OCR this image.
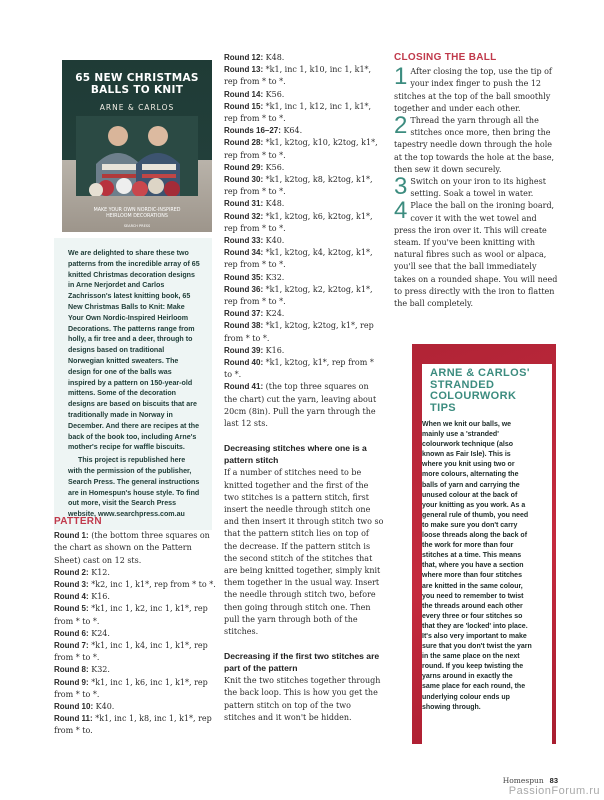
65 NEW CHRISTMAS
BALLS TO KNIT
ARNE & CARLOS
MAKE YOUR OWN NORDIC-INSPIRED
HEIRLOOM DECORATIONS
SEARCH PRESS

We are delighted to share these two patterns from the incredible array of 65 knitted Christmas decoration designs in Arne Nerjordet and Carlos Zachrisson's latest knitting book, 65 New Christmas Balls to Knit: Make Your Own Nordic-Inspired Heirloom Decorations. The patterns range from holly, a fir tree and a deer, through to designs based on traditional Norwegian knitted sweaters. The design for one of the balls was inspired by a pattern on 150-year-old mittens. Some of the decoration designs are based on biscuits that are traditionally made in Norway in December. And there are recipes at the back of the book too, including Arne's mother's recipe for waffle biscuits.

This project is republished here with the permission of the publisher, Search Press. The general instructions are in Homespun's house style. To find out more, visit the Search Press website, www.searchpress.com.au

PATTERN
Round 1: (the bottom three squares on the chart as shown on the Pattern Sheet) cast on 12 sts.
Round 2: K12.
Round 3: *k2, inc 1, k1*, rep from * to *.
Round 4: K16.
Round 5: *k1, inc 1, k2, inc 1, k1*, rep from * to *.
Round 6: K24.
Round 7: *k1, inc 1, k4, inc 1, k1*, rep from * to *.
Round 8: K32.
Round 9: *k1, inc 1, k6, inc 1, k1*, rep from * to *.
Round 10: K40.
Round 11: *k1, inc 1, k8, inc 1, k1*, rep from * to.
Round 12: K48.
Round 13: *k1, inc 1, k10, inc 1, k1*, rep from * to *.
Round 14: K56.
Round 15: *k1, inc 1, k12, inc 1, k1*, rep from * to *.
Rounds 16–27: K64.
Round 28: *k1, k2tog, k10, k2tog, k1*, rep from * to *.
Round 29: K56.
Round 30: *k1, k2tog, k8, k2tog, k1*, rep from * to *.
Round 31: K48.
Round 32: *k1, k2tog, k6, k2tog, k1*, rep from * to *.
Round 33: K40.
Round 34: *k1, k2tog, k4, k2tog, k1*, rep from * to *.
Round 35: K32.
Round 36: *k1, k2tog, k2, k2tog, k1*, rep from * to *.
Round 37: K24.
Round 38: *k1, k2tog, k2tog, k1*, rep from * to *.
Round 39: K16.
Round 40: *k1, k2tog, k1*, rep from * to *.
Round 41: (the top three squares on the chart) cut the yarn, leaving about 20cm (8in). Pull the yarn through the last 12 sts.
Decreasing stitches where one is a pattern stitch
If a number of stitches need to be knitted together and the first of the two stitches is a pattern stitch, first insert the needle through stitch one and then insert it through stitch two so that the pattern stitch lies on top of the decrease. If the pattern stitch is the second stitch of the stitches that are being knitted together, simply knit them together in the usual way. Insert the needle through stitch two, before then going through stitch one. Then pull the yarn through both of the stitches.
Decreasing if the first two stitches are part of the pattern
Knit the two stitches together through the back loop. This is how you get the pattern stitch on top of the two stitches and it won't be hidden.
CLOSING THE BALL
1 After closing the top, use the tip of your index finger to push the 12 stitches at the top of the ball smoothly together and under each other.
2 Thread the yarn through all the stitches once more, then bring the tapestry needle down through the hole at the top towards the hole at the base, then sew it down securely.
3 Switch on your iron to its highest setting. Soak a towel in water.
4 Place the ball on the ironing board, cover it with the wet towel and press the iron over it. This will create steam. If you've been knitting with natural fibres such as wool or alpaca, you'll see that the ball immediately takes on a rounded shape. You will need to press directly with the iron to flatten the ball completely.
ARNE & CARLOS'
STRANDED
COLOURWORK
TIPS
When we knit our balls, we mainly use a 'stranded' colourwork technique (also known as Fair Isle). This is where you knit using two or more colours, alternating the balls of yarn and carrying the unused colour at the back of your knitting as you work. As a general rule of thumb, you need to make sure you don't carry loose threads along the back of the work for more than four stitches at a time. This means that, where you have a section where more than four stitches are knitted in the same colour, you need to remember to twist the threads around each other every three or four stitches so that they are 'locked' into place. It's also very important to make sure that you don't twist the yarn in the same place on the next round. If you keep twisting the yarns around in exactly the same place for each round, the underlying colour ends up showing through.
Homespun 83
PassionForum.ru
